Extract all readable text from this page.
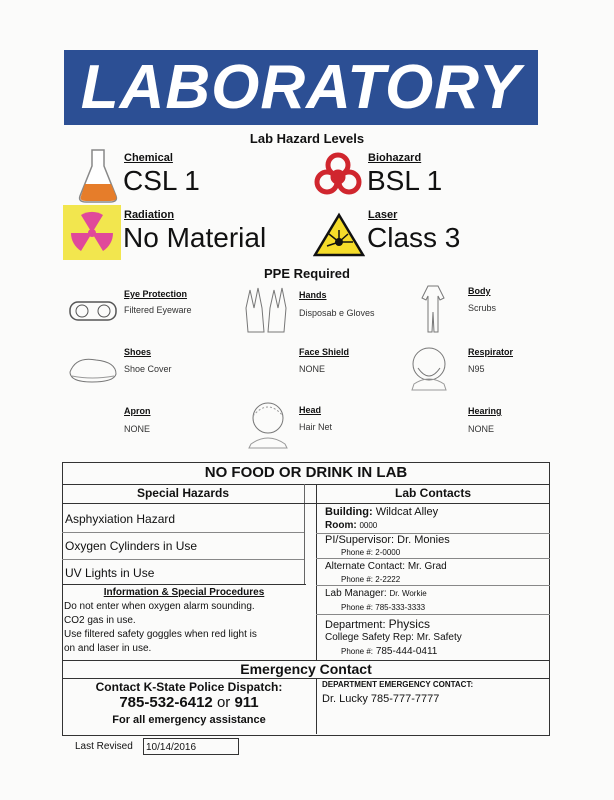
LABORATORY
Lab Hazard Levels
Chemical
CSL 1
Biohazard
BSL 1
Radiation
No Material
Laser
Class 3
PPE Required
Eye Protection
Filtered Eyeware
Hands
Disposab e Gloves
Body
Scrubs
Shoes
Shoe Cover
Face Shield
NONE
Respirator
N95
Apron
NONE
Head
Hair Net
Hearing
NONE
NO FOOD OR DRINK IN LAB
Special Hazards	Lab Contacts
Asphyxiation Hazard
Oxygen Cylinders in Use
UV Lights in Use
Information & Special Procedures
Do not enter when oxygen alarm sounding.
CO2 gas in use.
Use filtered safety goggles when red light is
on and laser in use.
Building: Wildcat Alley
Room: 0000
PI/Supervisor: Dr. Monies
Phone #: 2-0000
Alternate Contact: Mr. Grad
Phone #: 2-2222
Lab Manager: Dr. Workie
Phone #: 785-333-3333
Department: Physics
College Safety Rep: Mr. Safety
Phone #: 785-444-0411
Emergency Contact
Contact K-State Police Dispatch:
785-532-6412 or 911
For all emergency assistance
DEPARTMENT EMERGENCY CONTACT:
Dr. Lucky 785-777-7777
Last Revised	10/14/2016
